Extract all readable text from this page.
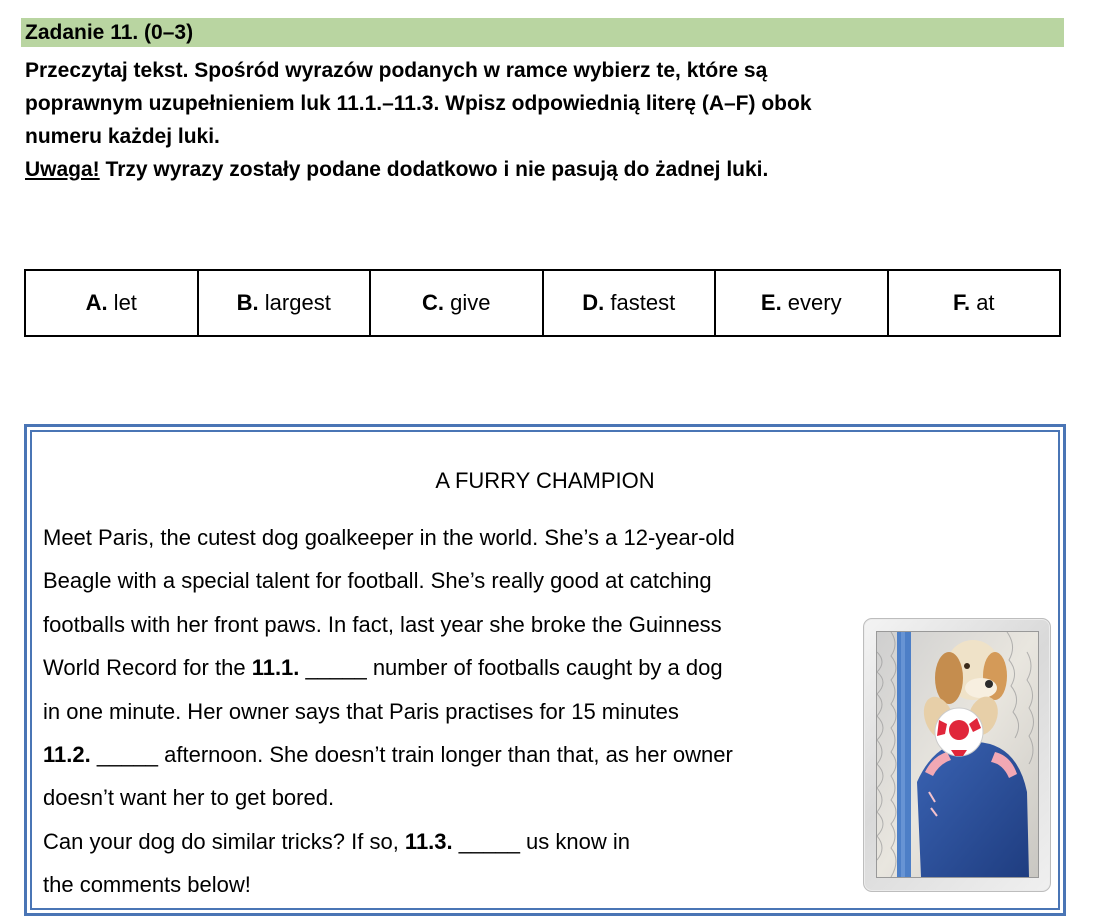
Zadanie 11. (0–3)

Przeczytaj tekst. Spośród wyrazów podanych w ramce wybierz te, które są

poprawnym uzupełnieniem luk 11.1.–11.3. Wpisz odpowiednią literę (A–F) obok

numeru każdej luki.

Uwaga! Trzy wyrazy zostały podane dodatkowo i nie pasują do żadnej luki.

A. let	B. largest	C. give	D. fastest	E. every	F. at
A FURRY CHAMPION

Meet Paris, the cutest dog goalkeeper in the world. She’s a 12-year-old

Beagle with a special talent for football. She’s really good at catching

footballs with her front paws. In fact, last year she broke the Guinness

World Record for the 11.1. _____ number of footballs caught by a dog

in one minute. Her owner says that Paris practises for 15 minutes

11.2. _____ afternoon. She doesn’t train longer than that, as her owner

doesn’t want her to get bored.

Can your dog do similar tricks? If so, 11.3. _____ us know in

the comments below!
